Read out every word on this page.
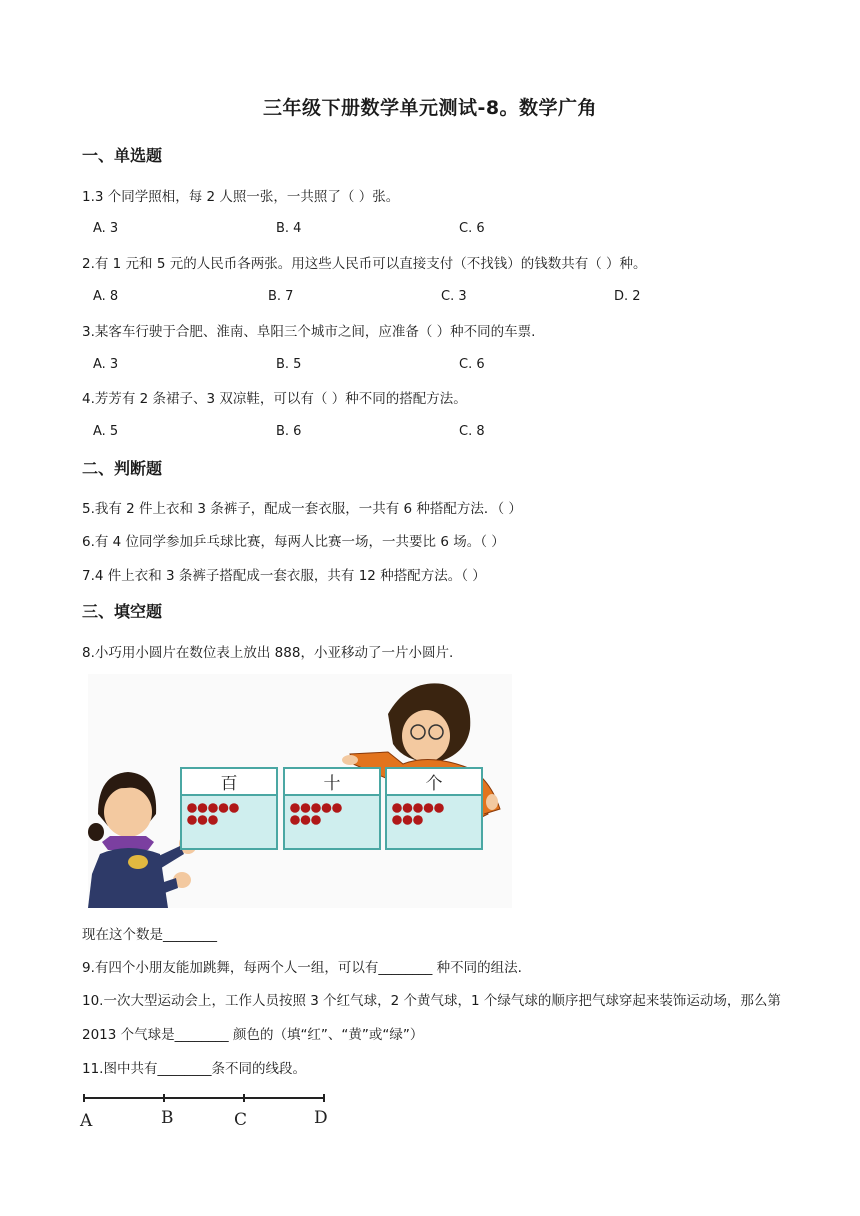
三年级下册数学单元测试-8。数学广角
一、单选题
1.3 个同学照相，每 2 人照一张，一共照了（ ）张。
A. 3	B. 4	C. 6
2.有 1 元和 5 元的人民币各两张。用这些人民币可以直接支付（不找钱）的钱数共有（ ）种。
A. 8	B. 7	C. 3	D. 2
3.某客车行驶于合肥、淮南、阜阳三个城市之间，应准备（ ）种不同的车票.
A. 3	B. 5	C. 6
4.芳芳有 2 条裙子、3 双凉鞋，可以有（ ）种不同的搭配方法。
A. 5	B. 6	C. 8
二、判断题
5.我有 2 件上衣和 3 条裤子，配成一套衣服，一共有 6 种搭配方法．（ ）
6.有 4 位同学参加乒乓球比赛，每两人比赛一场，一共要比 6 场。（ ）
7.4 件上衣和 3 条裤子搭配成一套衣服，共有 12 种搭配方法。（ ）
三、填空题
8.小巧用小圆片在数位表上放出 888，小亚移动了一片小圆片.
百	十	个
现在这个数是________
9.有四个小朋友能加跳舞，每两个人一组，可以有________ 种不同的组法.
10.一次大型运动会上，工作人员按照 3 个红气球，2 个黄气球，1 个绿气球的顺序把气球穿起来装饰运动场，那么第 2013 个气球是________ 颜色的（填“红”、“黄”或“绿”）
11.图中共有________条不同的线段。
A	B	C	D
